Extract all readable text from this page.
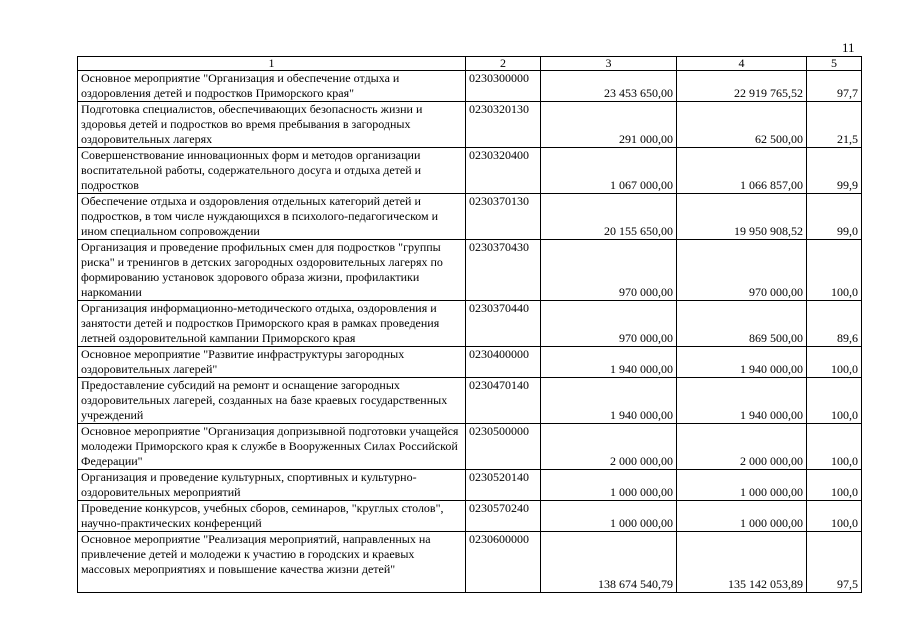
11
1	2	3	4	5
Основное мероприятие "Организация и обеспечение отдыха и оздоровления детей и подростков Приморского края"	0230300000	23 453 650,00	22 919 765,52	97,7
Подготовка специалистов, обеспечивающих безопасность жизни и здоровья детей и подростков во время пребывания в загородных оздоровительных лагерях	0230320130	291 000,00	62 500,00	21,5
Совершенствование инновационных форм и методов организации воспитательной работы, содержательного досуга и отдыха детей и подростков	0230320400	1 067 000,00	1 066 857,00	99,9
Обеспечение отдыха и оздоровления отдельных категорий детей и подростков, в том числе нуждающихся в психолого-педагогическом и ином специальном сопровождении	0230370130	20 155 650,00	19 950 908,52	99,0
Организация и проведение профильных смен для подростков "группы риска" и тренингов в детских загородных оздоровительных лагерях по формированию установок здорового образа жизни, профилактики наркомании	0230370430	970 000,00	970 000,00	100,0
Организация информационно-методического отдыха, оздоровления и занятости детей и подростков Приморского края в рамках проведения летней оздоровительной кампании Приморского края	0230370440	970 000,00	869 500,00	89,6
Основное мероприятие "Развитие инфраструктуры загородных оздоровительных лагерей"	0230400000	1 940 000,00	1 940 000,00	100,0
Предоставление субсидий на ремонт и оснащение загородных оздоровительных лагерей, созданных на базе краевых государственных учреждений	0230470140	1 940 000,00	1 940 000,00	100,0
Основное мероприятие "Организация допризывной подготовки учащейся молодежи Приморского края к службе в Вооруженных Силах Российской Федерации"	0230500000	2 000 000,00	2 000 000,00	100,0
Организация и проведение культурных, спортивных и культурно-оздоровительных мероприятий	0230520140	1 000 000,00	1 000 000,00	100,0
Проведение конкурсов, учебных сборов, семинаров, "круглых столов", научно-практических конференций	0230570240	1 000 000,00	1 000 000,00	100,0
Основное мероприятие "Реализация мероприятий, направленных на привлечение детей и молодежи к участию в городских и краевых массовых мероприятиях и повышение качества жизни детей"	0230600000	138 674 540,79	135 142 053,89	97,5
